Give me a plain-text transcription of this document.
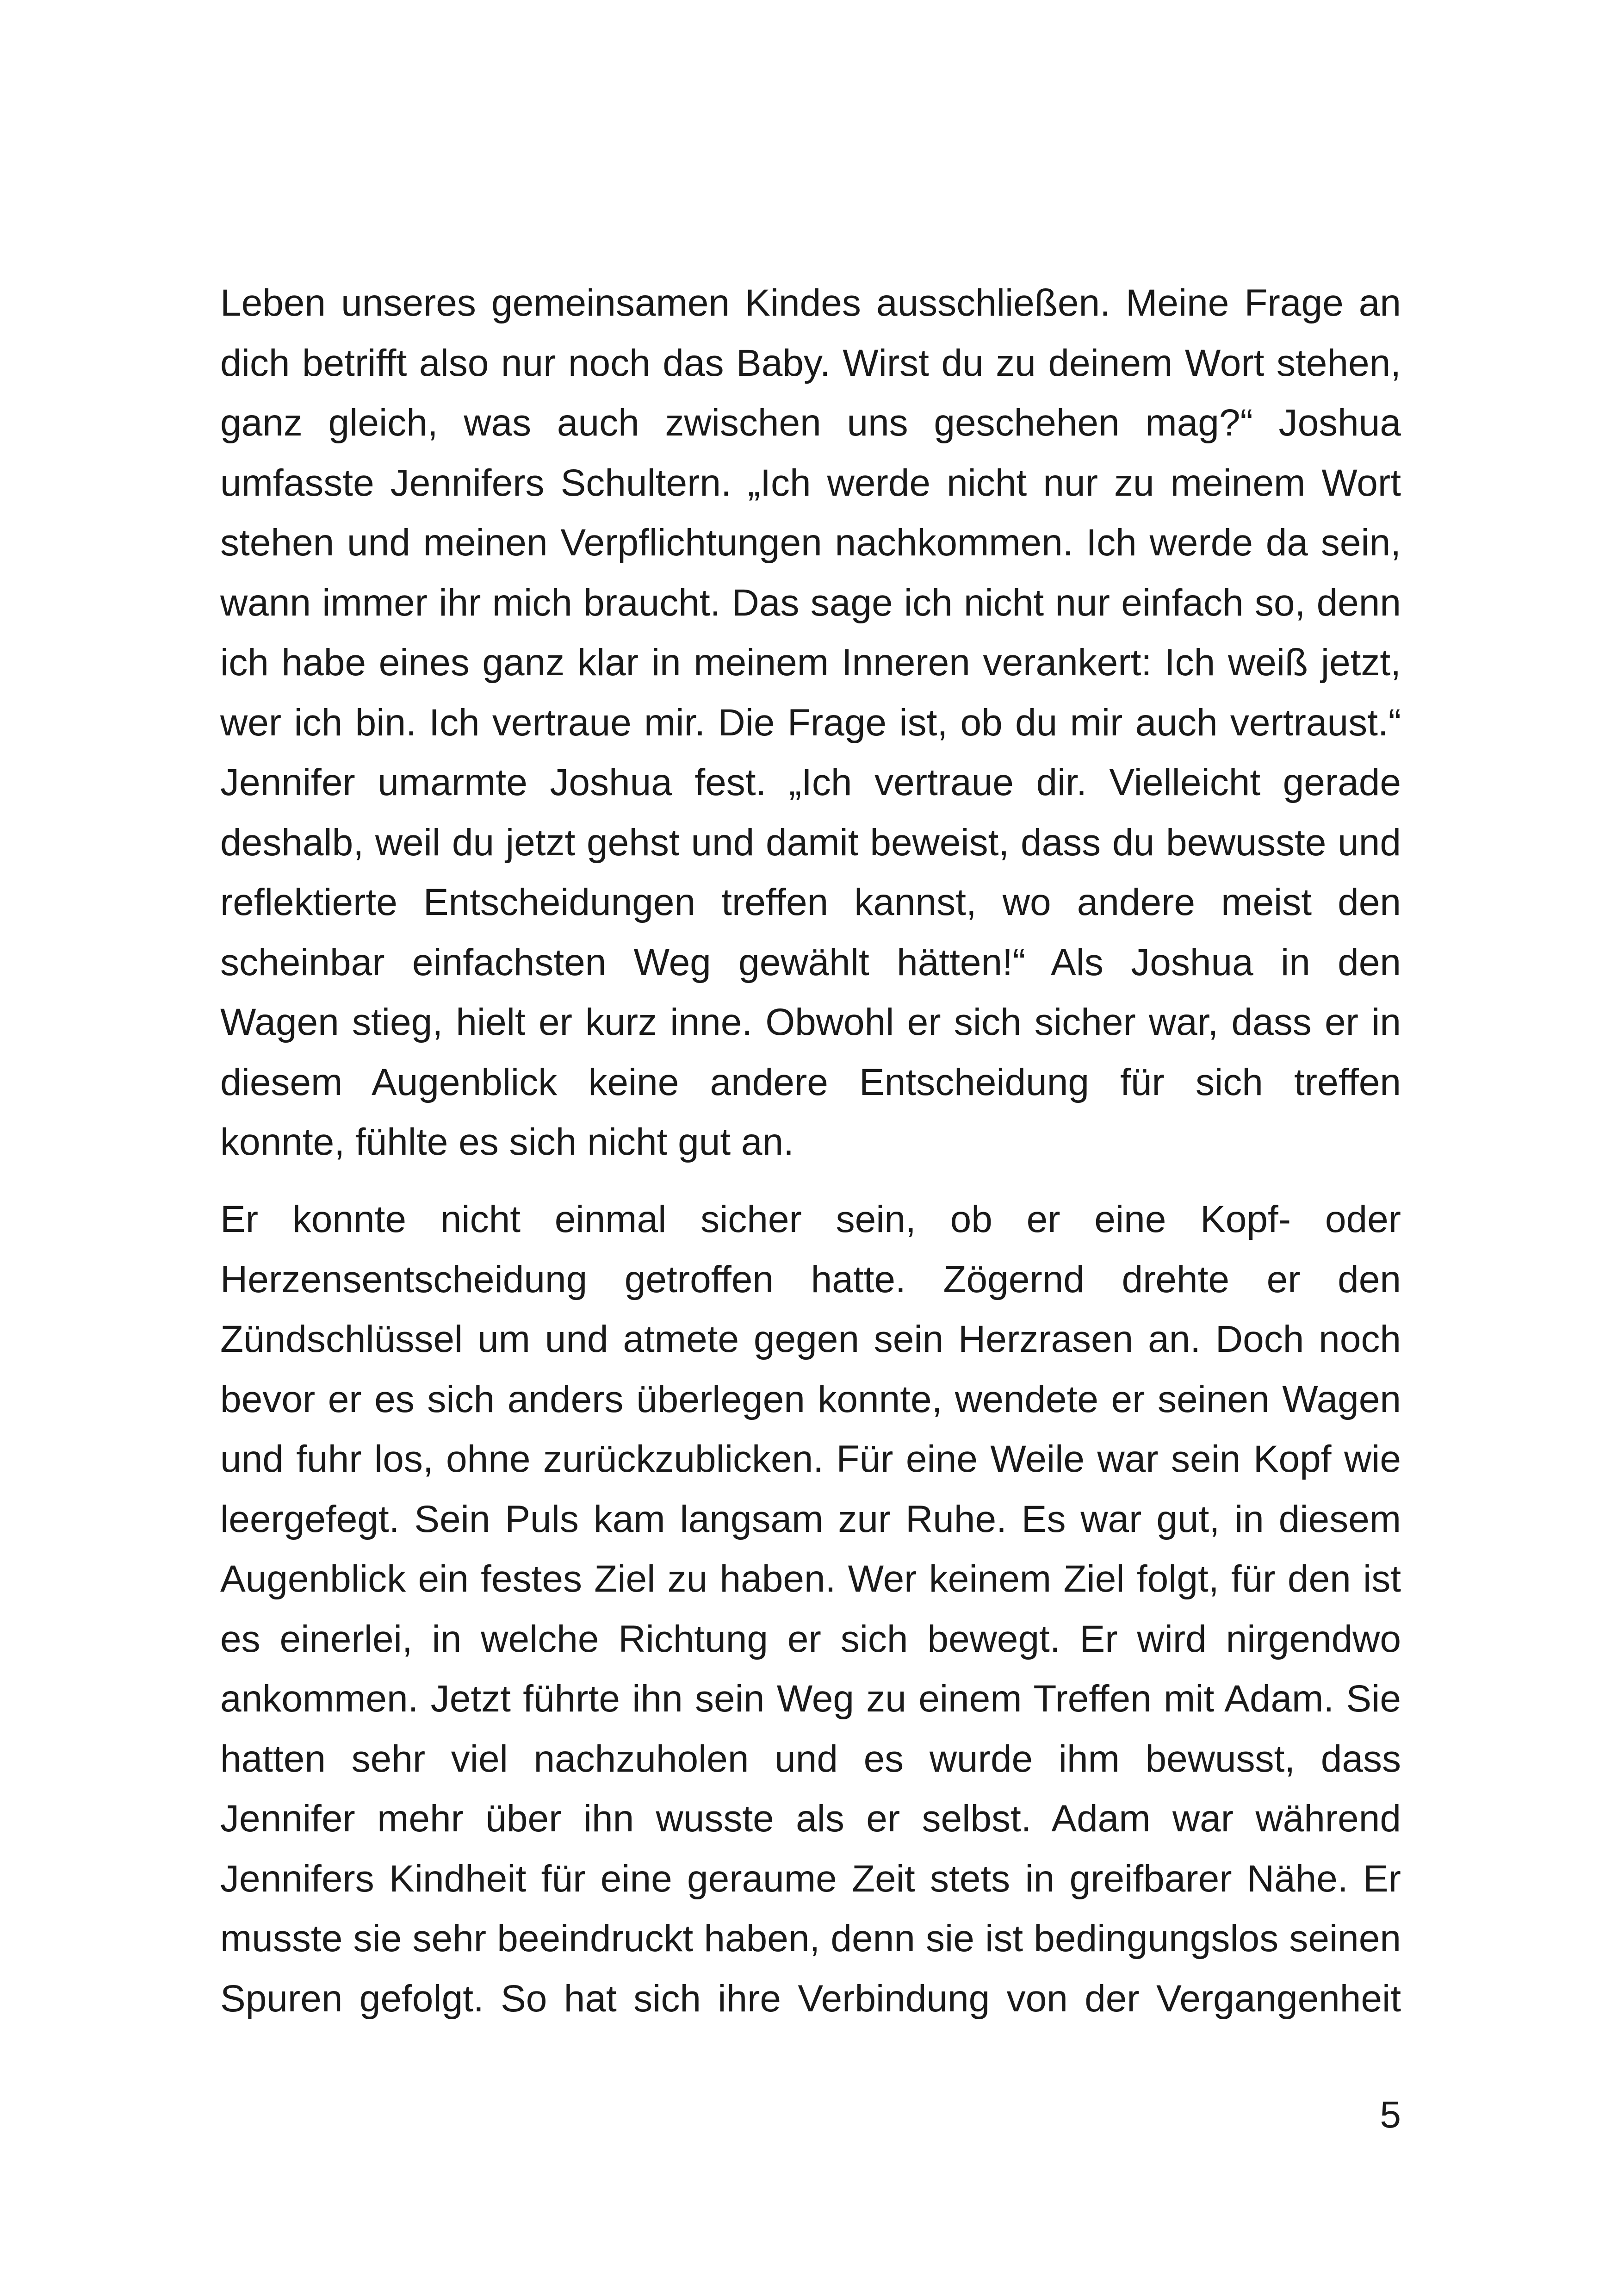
Leben unseres gemeinsamen Kindes ausschließen. Meine Frage an
dich betrifft also nur noch das Baby. Wirst du zu deinem Wort stehen,
ganz gleich, was auch zwischen uns geschehen mag?“ Joshua
umfasste Jennifers Schultern. „Ich werde nicht nur zu meinem Wort
stehen und meinen Verpflichtungen nachkommen. Ich werde da sein,
wann immer ihr mich braucht. Das sage ich nicht nur einfach so, denn
ich habe eines ganz klar in meinem Inneren verankert: Ich weiß jetzt,
wer ich bin. Ich vertraue mir. Die Frage ist, ob du mir auch vertraust.“
Jennifer umarmte Joshua fest. „Ich vertraue dir. Vielleicht gerade
deshalb, weil du jetzt gehst und damit beweist, dass du bewusste und
reflektierte Entscheidungen treffen kannst, wo andere meist den
scheinbar einfachsten Weg gewählt hätten!“ Als Joshua in den
Wagen stieg, hielt er kurz inne. Obwohl er sich sicher war, dass er in
diesem Augenblick keine andere Entscheidung für sich treffen
konnte, fühlte es sich nicht gut an.
Er konnte nicht einmal sicher sein, ob er eine Kopf- oder
Herzensentscheidung getroffen hatte. Zögernd drehte er den
Zündschlüssel um und atmete gegen sein Herzrasen an. Doch noch
bevor er es sich anders überlegen konnte, wendete er seinen Wagen
und fuhr los, ohne zurückzublicken. Für eine Weile war sein Kopf wie
leergefegt. Sein Puls kam langsam zur Ruhe. Es war gut, in diesem
Augenblick ein festes Ziel zu haben. Wer keinem Ziel folgt, für den ist
es einerlei, in welche Richtung er sich bewegt. Er wird nirgendwo
ankommen. Jetzt führte ihn sein Weg zu einem Treffen mit Adam. Sie
hatten sehr viel nachzuholen und es wurde ihm bewusst, dass
Jennifer mehr über ihn wusste als er selbst. Adam war während
Jennifers Kindheit für eine geraume Zeit stets in greifbarer Nähe. Er
musste sie sehr beeindruckt haben, denn sie ist bedingungslos seinen
Spuren gefolgt. So hat sich ihre Verbindung von der Vergangenheit
5
